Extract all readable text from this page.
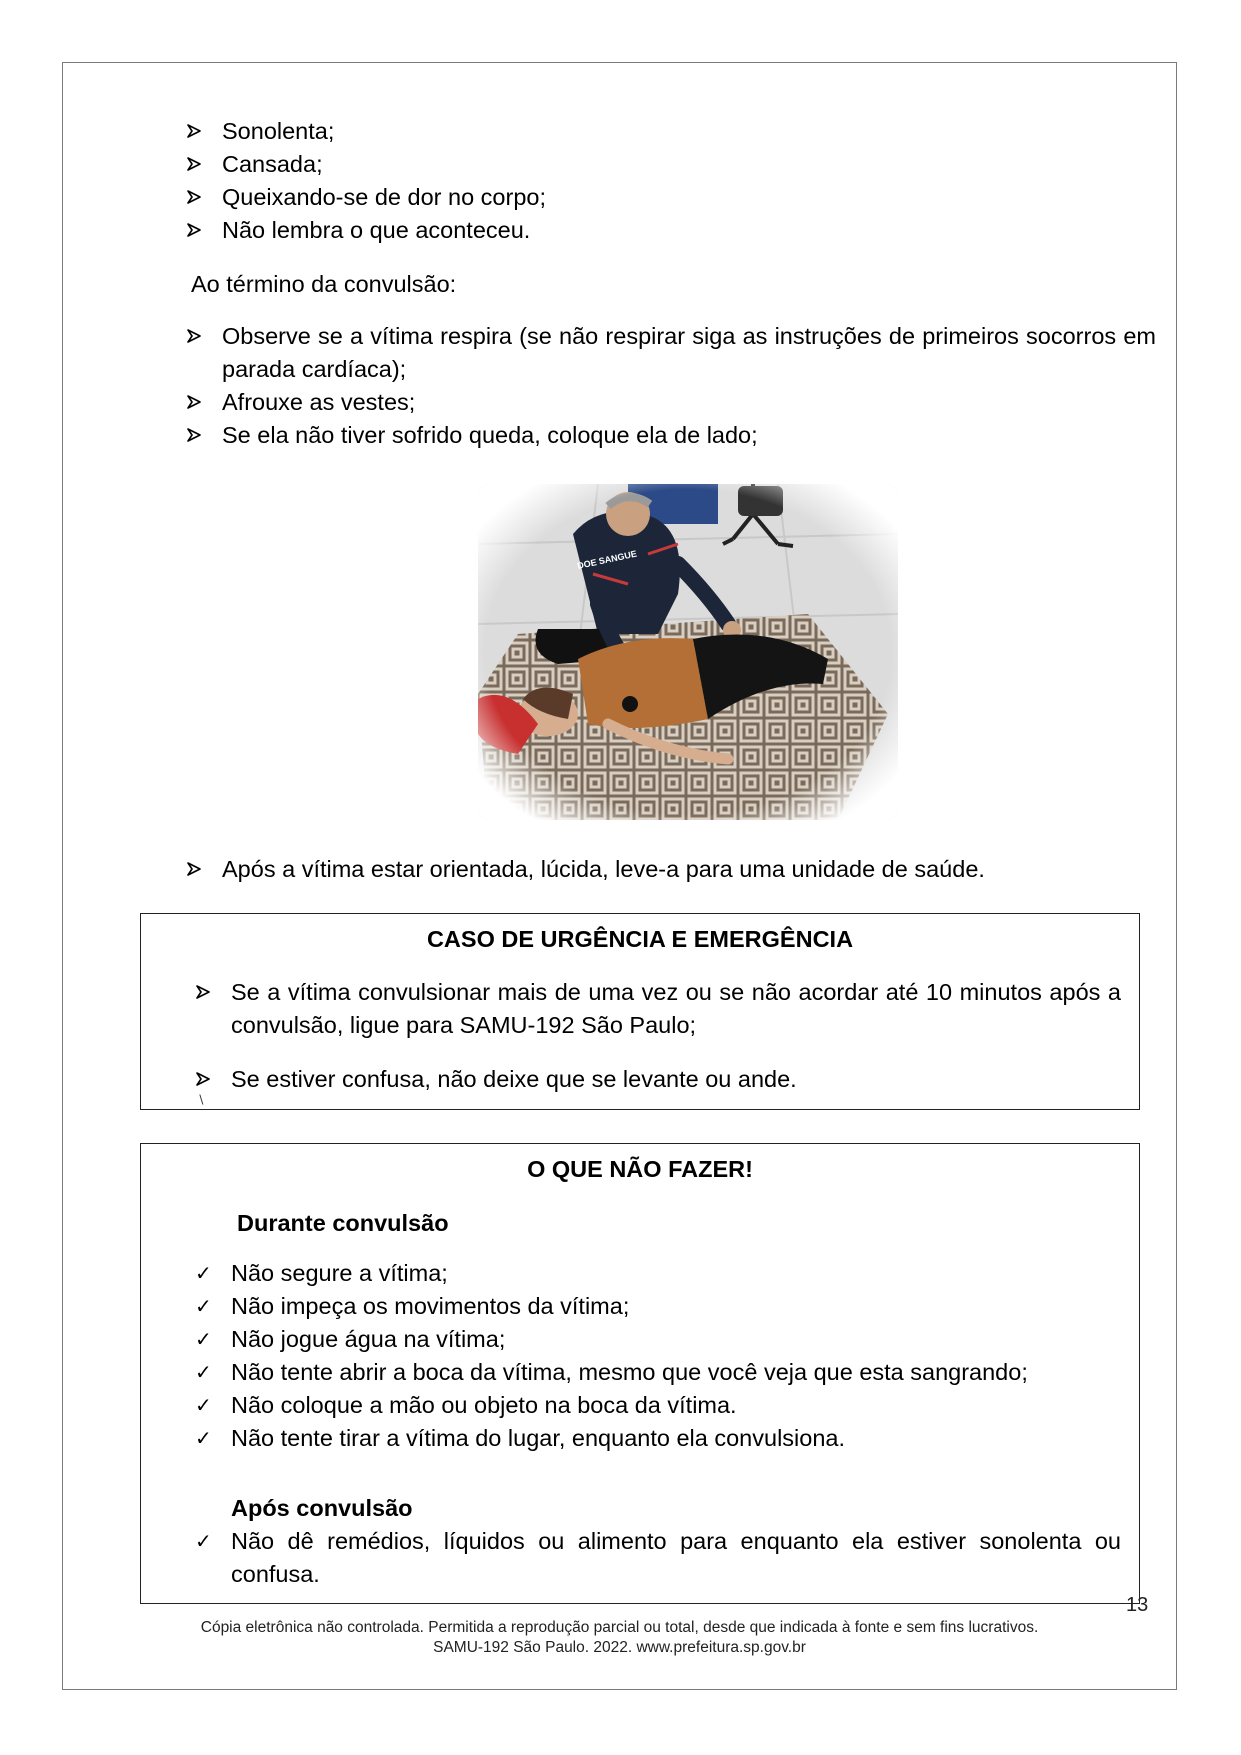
Sonolenta;
Cansada;
Queixando-se de dor no corpo;
Não lembra o que aconteceu.
Ao término da convulsão:
Observe se a vítima respira (se não respirar siga as instruções de primeiros socorros em parada cardíaca);
Afrouxe as vestes;
Se ela não tiver sofrido queda, coloque ela de lado;
Após a vítima estar orientada, lúcida, leve-a para uma unidade de saúde.
CASO DE URGÊNCIA E EMERGÊNCIA
Se a vítima convulsionar mais de uma vez ou se não acordar até 10 minutos após a convulsão, ligue para SAMU-192 São Paulo;
Se estiver confusa, não deixe que se levante ou ande.
∖
O QUE NÃO FAZER!
Durante convulsão
✓ Não segure a vítima;
✓ Não impeça os movimentos da vítima;
✓ Não jogue água na vítima;
✓ Não tente abrir a boca da vítima, mesmo que você veja que esta sangrando;
✓ Não coloque a mão ou objeto na boca da vítima.
✓ Não tente tirar a vítima do lugar, enquanto ela convulsiona.
Após convulsão
✓ Não dê remédios, líquidos ou alimento para enquanto ela estiver sonolenta ou confusa.
13
Cópia eletrônica não controlada. Permitida a reprodução parcial ou total, desde que indicada à fonte e sem fins lucrativos.
SAMU-192 São Paulo. 2022. www.prefeitura.sp.gov.br
